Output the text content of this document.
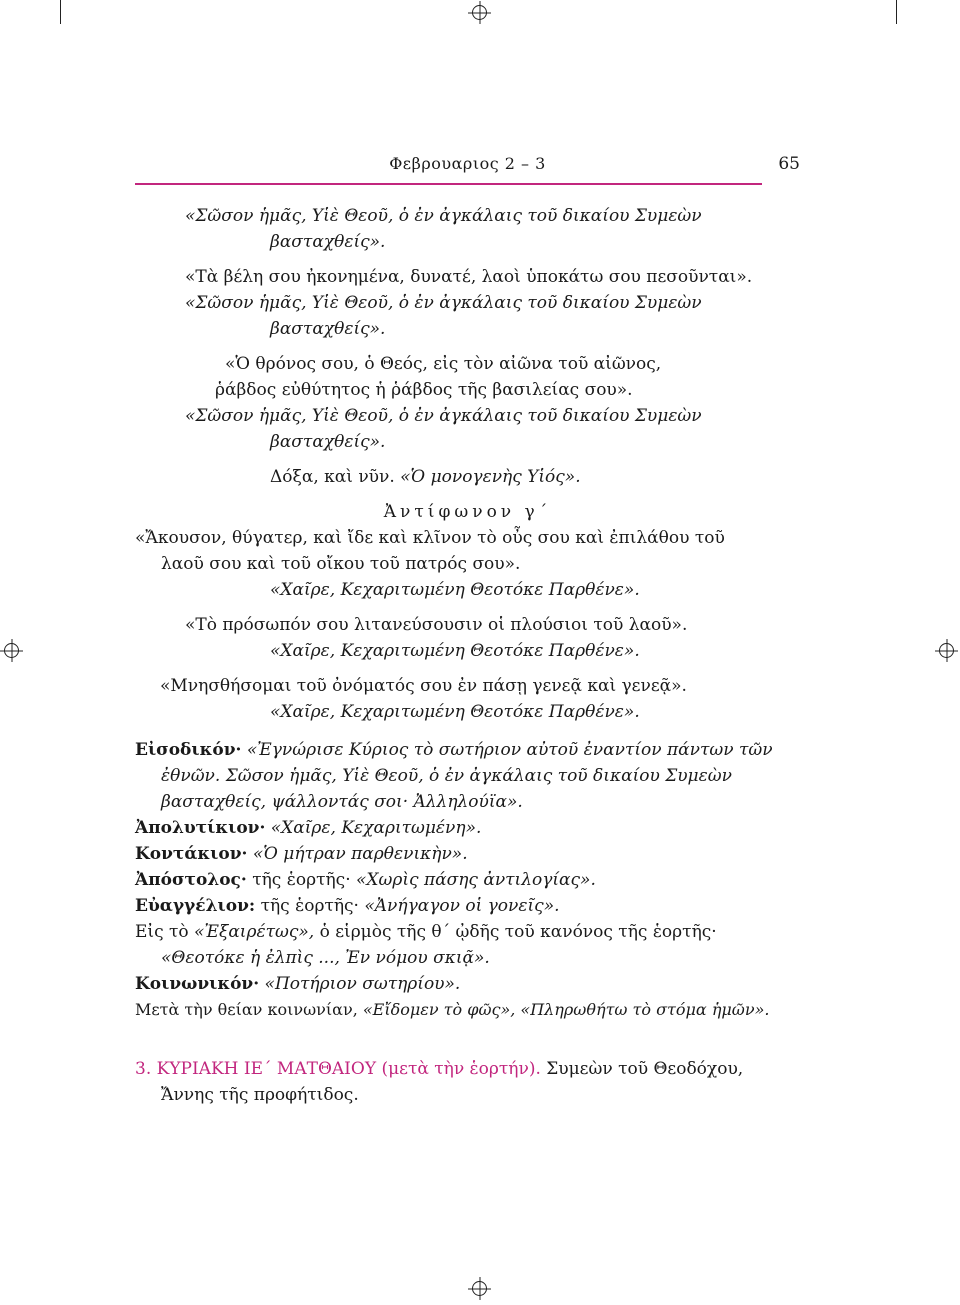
Φεβρουαριος 2 – 3	65
«Σῶσον ἡμᾶς, Υἱὲ Θεοῦ, ὁ ἐν ἀγκάλαις τοῦ δικαίου Συμεὼν
βασταχθείς».
«Τὰ βέλη σου ἠκονημένα, δυνατέ, λαοὶ ὑποκάτω σου πεσοῦνται».
«Σῶσον ἡμᾶς, Υἱὲ Θεοῦ, ὁ ἐν ἀγκάλαις τοῦ δικαίου Συμεὼν
βασταχθείς».
«Ὁ θρόνος σου, ὁ Θεός, εἰς τὸν αἰῶνα τοῦ αἰῶνος,
ῥάβδος εὐθύτητος ἡ ῥάβδος τῆς βασιλείας σου».
«Σῶσον ἡμᾶς, Υἱὲ Θεοῦ, ὁ ἐν ἀγκάλαις τοῦ δικαίου Συμεὼν
βασταχθείς».
Δόξα, καὶ νῦν. «Ὁ μονογενὴς Υἱός».
Ἀντίφωνον γ΄
«Ἄκουσον, θύγατερ, καὶ ἴδε καὶ κλῖνον τὸ οὖς σου καὶ ἐπιλάθου τοῦ
λαοῦ σου καὶ τοῦ οἴκου τοῦ πατρός σου».
«Χαῖρε, Κεχαριτωμένη Θεοτόκε Παρθένε».
«Τὸ πρόσωπόν σου λιτανεύσουσιν οἱ πλούσιοι τοῦ λαοῦ».
«Χαῖρε, Κεχαριτωμένη Θεοτόκε Παρθένε».
«Μνησθήσομαι τοῦ ὀνόματός σου ἐν πάσῃ γενεᾷ καὶ γενεᾷ».
«Χαῖρε, Κεχαριτωμένη Θεοτόκε Παρθένε».
Εἰσοδικόν· «Ἐγνώρισε Κύριος τὸ σωτήριον αὐτοῦ ἐναντίον πάντων τῶν ἐθνῶν. Σῶσον ἡμᾶς, Υἱὲ Θεοῦ, ὁ ἐν ἀγκάλαις τοῦ δικαίου Συμεὼν βασταχθείς, ψάλλοντάς σοι· Ἀλληλούϊα».
Ἀπολυτίκιον· «Χαῖρε, Κεχαριτωμένη».
Κοντάκιον· «Ὁ μήτραν παρθενικὴν».
Ἀπόστολος· τῆς ἑορτῆς· «Χωρὶς πάσης ἀντιλογίας».
Εὐαγγέλιον: τῆς ἑορτῆς· «Ἀνήγαγον οἱ γονεῖς».
Εἰς τὸ «Ἐξαιρέτως», ὁ εἱρμὸς τῆς θ΄ ᾠδῆς τοῦ κανόνος τῆς ἑορτῆς· «Θεοτόκε ἡ ἐλπὶς ..., Ἐν νόμου σκιᾷ».
Κοινωνικόν· «Ποτήριον σωτηρίου».
Μετὰ τὴν θείαν κοινωνίαν, «Εἴδομεν τὸ φῶς», «Πληρωθήτω τὸ στόμα ἡμῶν».
3. ΚΥΡΙΑΚΗ ΙΕ΄ ΜΑΤΘΑΙΟΥ (μετὰ τὴν ἑορτήν). Συμεὼν τοῦ Θεοδόχου, Ἄννης τῆς προφήτιδος.
